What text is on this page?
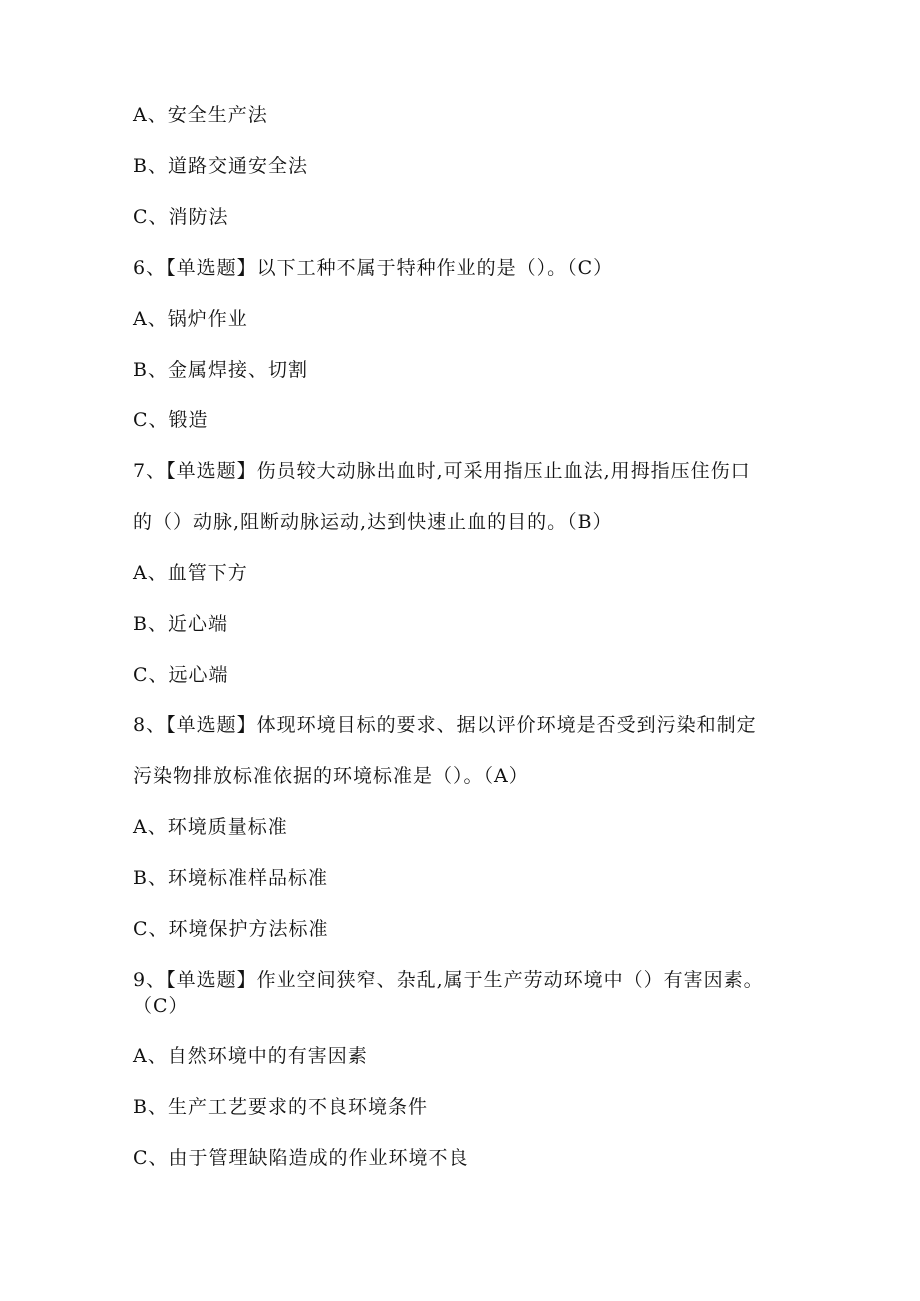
A、安全生产法
B、道路交通安全法
C、消防法
6、【单选题】以下工种不属于特种作业的是（）。（C）
A、锅炉作业
B、金属焊接、切割
C、锻造
7、【单选题】伤员较大动脉出血时,可采用指压止血法,用拇指压住伤口
的（）动脉,阻断动脉运动,达到快速止血的目的。（B）
A、血管下方
B、近心端
C、远心端
8、【单选题】体现环境目标的要求、据以评价环境是否受到污染和制定
污染物排放标准依据的环境标准是（）。（A）
A、环境质量标准
B、环境标准样品标准
C、环境保护方法标准
9、【单选题】作业空间狭窄、杂乱,属于生产劳动环境中（）有害因素。
（C）
A、自然环境中的有害因素
B、生产工艺要求的不良环境条件
C、由于管理缺陷造成的作业环境不良
